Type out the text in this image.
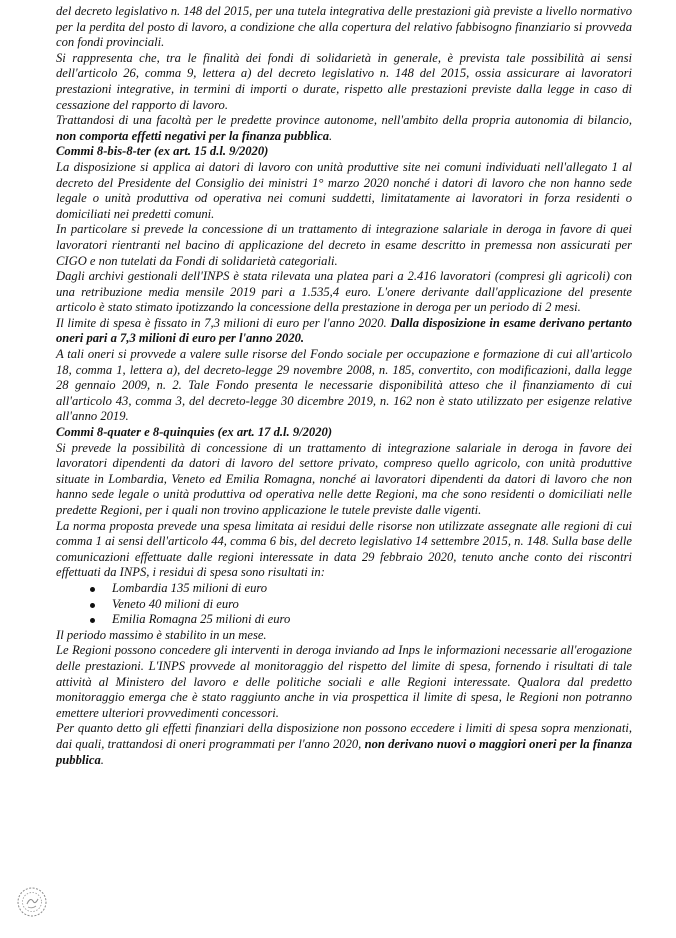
del decreto legislativo n. 148 del 2015, per una tutela integrativa delle prestazioni già previste a livello normativo per la perdita del posto di lavoro, a condizione che alla copertura del relativo fabbisogno finanziario si provveda con fondi provinciali.

Si rappresenta che, tra le finalità dei fondi di solidarietà in generale, è prevista tale possibilità ai sensi dell'articolo 26, comma 9, lettera a) del decreto legislativo n. 148 del 2015, ossia assicurare ai lavoratori prestazioni integrative, in termini di importi o durate, rispetto alle prestazioni previste dalla legge in caso di cessazione del rapporto di lavoro.

Trattandosi di una facoltà per le predette province autonome, nell'ambito della propria autonomia di bilancio, non comporta effetti negativi per la finanza pubblica.

Commi 8-bis-8-ter (ex art. 15 d.l. 9/2020)

La disposizione si applica ai datori di lavoro con unità produttive site nei comuni individuati nell'allegato 1 al decreto del Presidente del Consiglio dei ministri 1° marzo 2020 nonché i datori di lavoro che non hanno sede legale o unità produttiva od operativa nei comuni suddetti, limitatamente ai lavoratori in forza residenti o domiciliati nei predetti comuni.

In particolare si prevede la concessione di un trattamento di integrazione salariale in deroga in favore di quei lavoratori rientranti nel bacino di applicazione del decreto in esame descritto in premessa non assicurati per CIGO e non tutelati da Fondi di solidarietà categoriali.

Dagli archivi gestionali dell'INPS è stata rilevata una platea pari a 2.416 lavoratori (compresi gli agricoli) con una retribuzione media mensile 2019 pari a 1.535,4 euro. L'onere derivante dall'applicazione del presente articolo è stato stimato ipotizzando la concessione della prestazione in deroga per un periodo di 2 mesi.

Il limite di spesa è fissato in 7,3 milioni di euro per l'anno 2020. Dalla disposizione in esame derivano pertanto oneri pari a 7,3 milioni di euro per l'anno 2020.

A tali oneri si provvede a valere sulle risorse del Fondo sociale per occupazione e formazione di cui all'articolo 18, comma 1, lettera a), del decreto-legge 29 novembre 2008, n. 185, convertito, con modificazioni, dalla legge 28 gennaio 2009, n. 2. Tale Fondo presenta le necessarie disponibilità atteso che il finanziamento di cui all'articolo 43, comma 3, del decreto-legge 30 dicembre 2019, n. 162 non è stato utilizzato per esigenze relative all'anno 2019.

Commi 8-quater e 8-quinquies (ex art. 17 d.l. 9/2020)

Si prevede la possibilità di concessione di un trattamento di integrazione salariale in deroga in favore dei lavoratori dipendenti da datori di lavoro del settore privato, compreso quello agricolo, con unità produttive situate in Lombardia, Veneto ed Emilia Romagna, nonché ai lavoratori dipendenti da datori di lavoro che non hanno sede legale o unità produttiva od operativa nelle dette Regioni, ma che sono residenti o domiciliati nelle predette Regioni, per i quali non trovino applicazione le tutele previste dalle vigenti.

La norma proposta prevede una spesa limitata ai residui delle risorse non utilizzate assegnate alle regioni di cui comma 1 ai sensi dell'articolo 44, comma 6 bis, del decreto legislativo 14 settembre 2015, n. 148. Sulla base delle comunicazioni effettuate dalle regioni interessate in data 29 febbraio 2020, tenuto anche conto dei riscontri effettuati da INPS, i residui di spesa sono risultati in:

Lombardia 135 milioni di euro
Veneto 40 milioni di euro
Emilia Romagna 25 milioni di euro

Il periodo massimo è stabilito in un mese.

Le Regioni possono concedere gli interventi in deroga inviando ad Inps le informazioni necessarie all'erogazione delle prestazioni. L'INPS provvede al monitoraggio del rispetto del limite di spesa, fornendo i risultati di tale attività al Ministero del lavoro e delle politiche sociali e alle Regioni interessate. Qualora dal predetto monitoraggio emerga che è stato raggiunto anche in via prospettica il limite di spesa, le Regioni non potranno emettere ulteriori provvedimenti concessori.

Per quanto detto gli effetti finanziari della disposizione non possono eccedere i limiti di spesa sopra menzionati, dai quali, trattandosi di oneri programmati per l'anno 2020, non derivano nuovi o maggiori oneri per la finanza pubblica.
